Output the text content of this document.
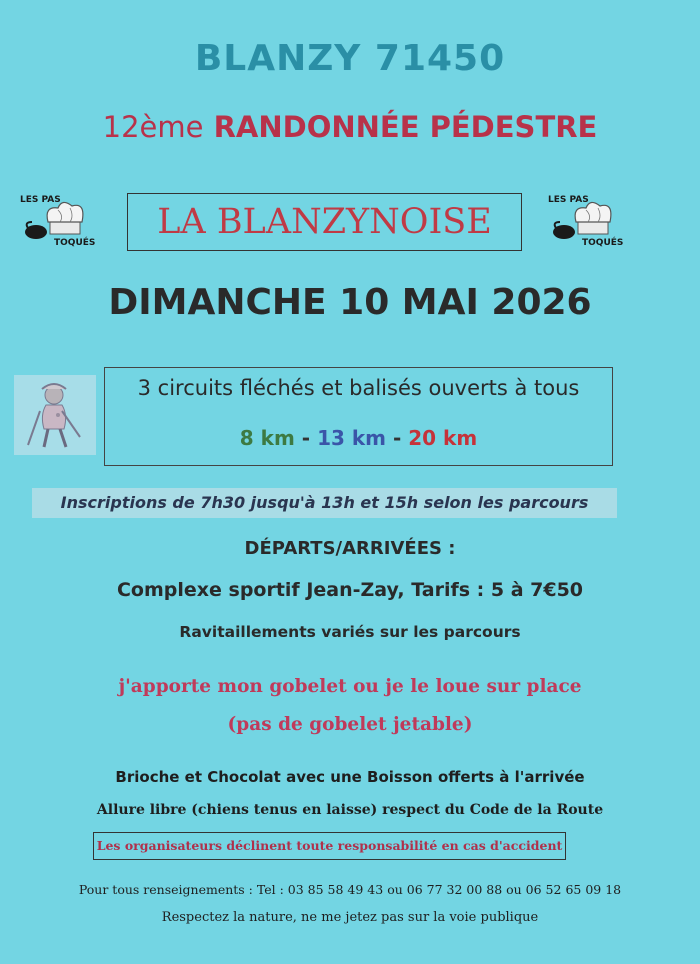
BLANZY 71450
12ème RANDONNÉE PÉDESTRE
LES PAS
TOQUÉS
LA BLANZYNOISE
LES PAS
TOQUÉS
DIMANCHE 10 MAI 2026
3 circuits fléchés et balisés ouverts à tous
8 km - 13 km - 20 km
Inscriptions de 7h30 jusqu'à 13h et 15h selon les parcours
DÉPARTS/ARRIVÉES :
Complexe sportif Jean-Zay, Tarifs : 5 à 7€50
Ravitaillements variés sur les parcours
j'apporte mon gobelet ou je le loue sur place
(pas de gobelet jetable)
Brioche et Chocolat avec une Boisson offerts à l'arrivée
Allure libre (chiens tenus en laisse) respect du Code de la Route
Les organisateurs déclinent toute responsabilité en cas d'accident
Pour tous renseignements : Tel : 03 85 58 49 43 ou 06 77 32 00 88 ou 06 52 65 09 18
Respectez la nature, ne me jetez pas sur la voie publique
